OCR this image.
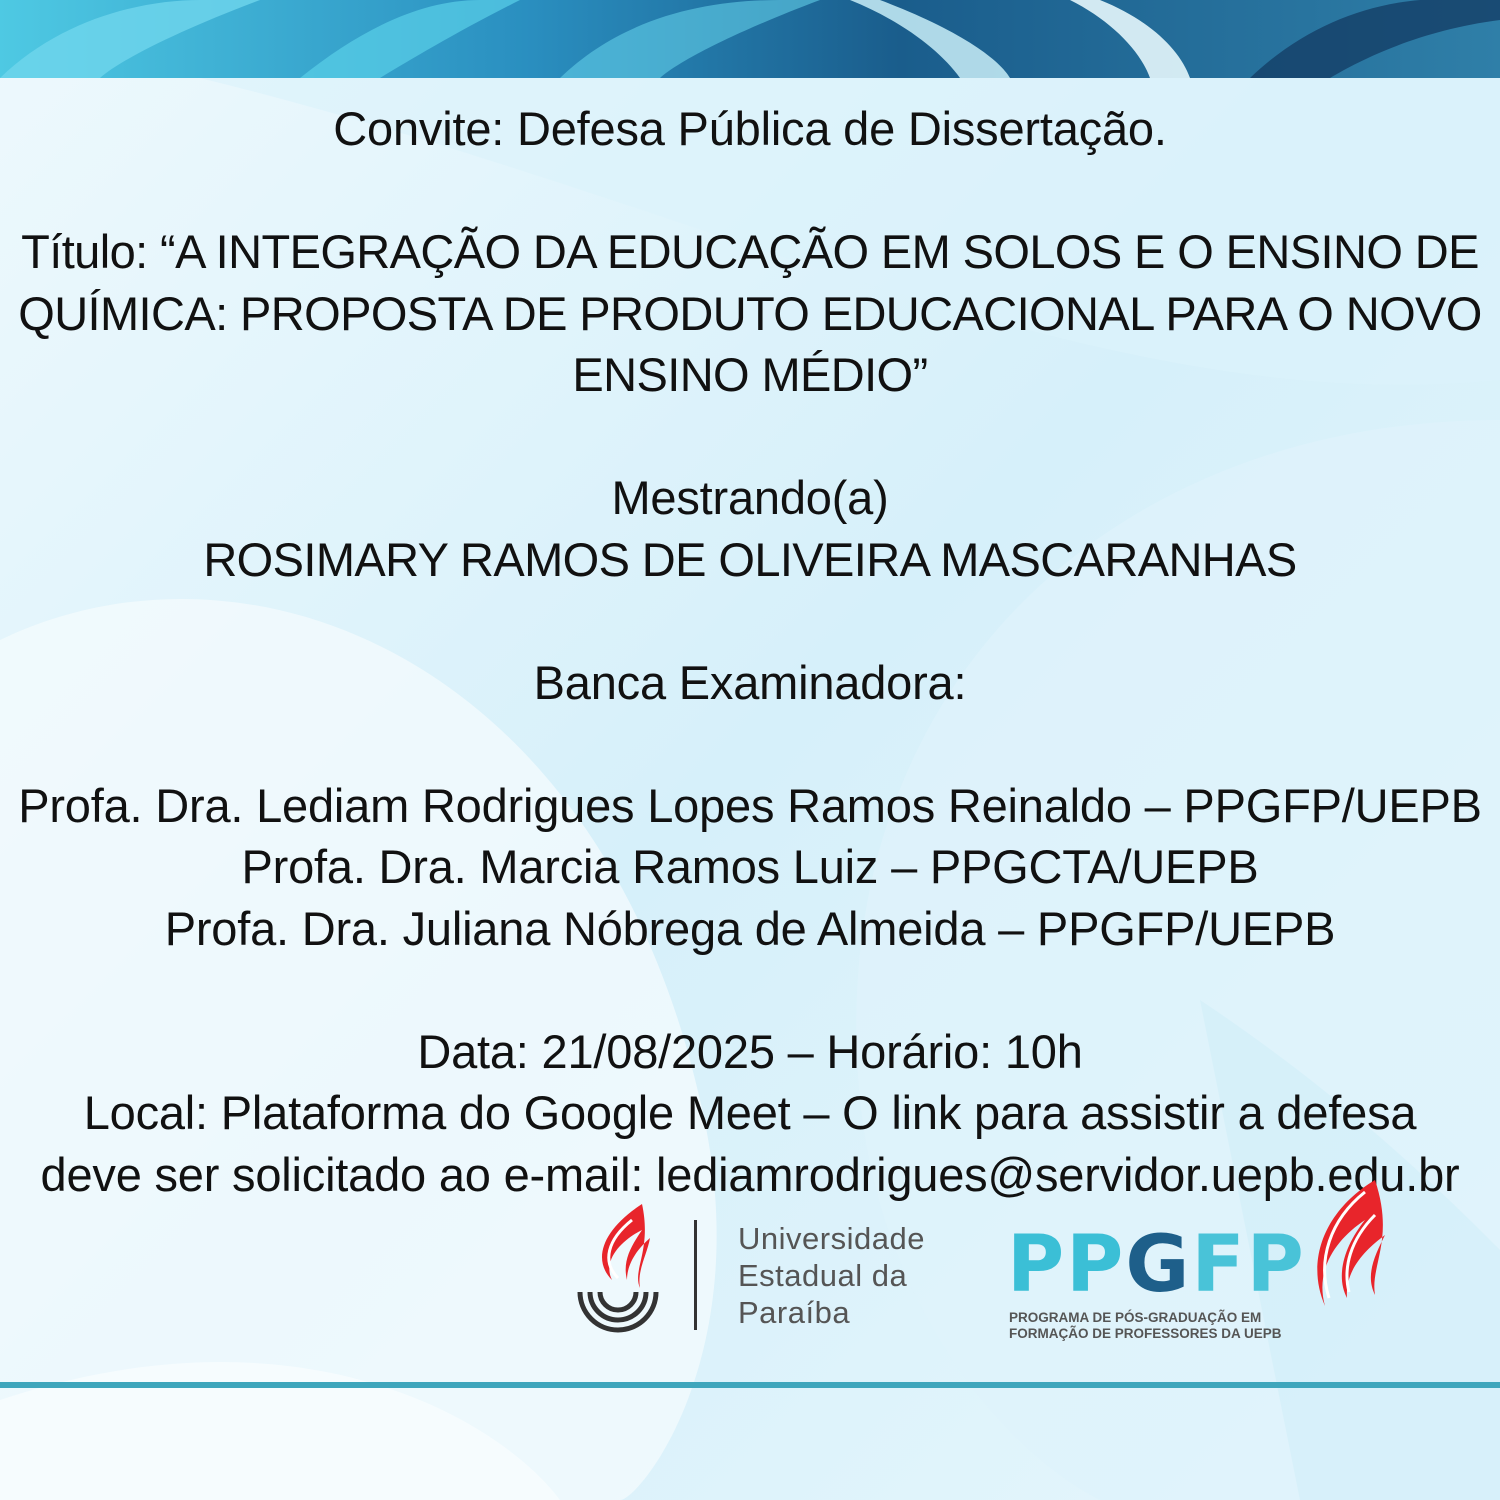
Convite: Defesa Pública de Dissertação.
Título: “A INTEGRAÇÃO DA EDUCAÇÃO EM SOLOS E O ENSINO DE
QUÍMICA: PROPOSTA DE PRODUTO EDUCACIONAL PARA O NOVO
ENSINO MÉDIO”
Mestrando(a)
ROSIMARY RAMOS DE OLIVEIRA MASCARANHAS
Banca Examinadora:
Profa. Dra. Lediam Rodrigues Lopes Ramos Reinaldo – PPGFP/UEPB
Profa. Dra. Marcia Ramos Luiz – PPGCTA/UEPB
Profa. Dra. Juliana Nóbrega de Almeida – PPGFP/UEPB
Data: 21/08/2025 – Horário: 10h
Local: Plataforma do Google Meet – O link para assistir a defesa
deve ser solicitado ao e-mail: lediamrodrigues@servidor.uepb.edu.br
Universidade
Estadual da
Paraíba
PPGFP
PROGRAMA DE PÓS-GRADUAÇÃO EM
FORMAÇÃO DE PROFESSORES DA UEPB
